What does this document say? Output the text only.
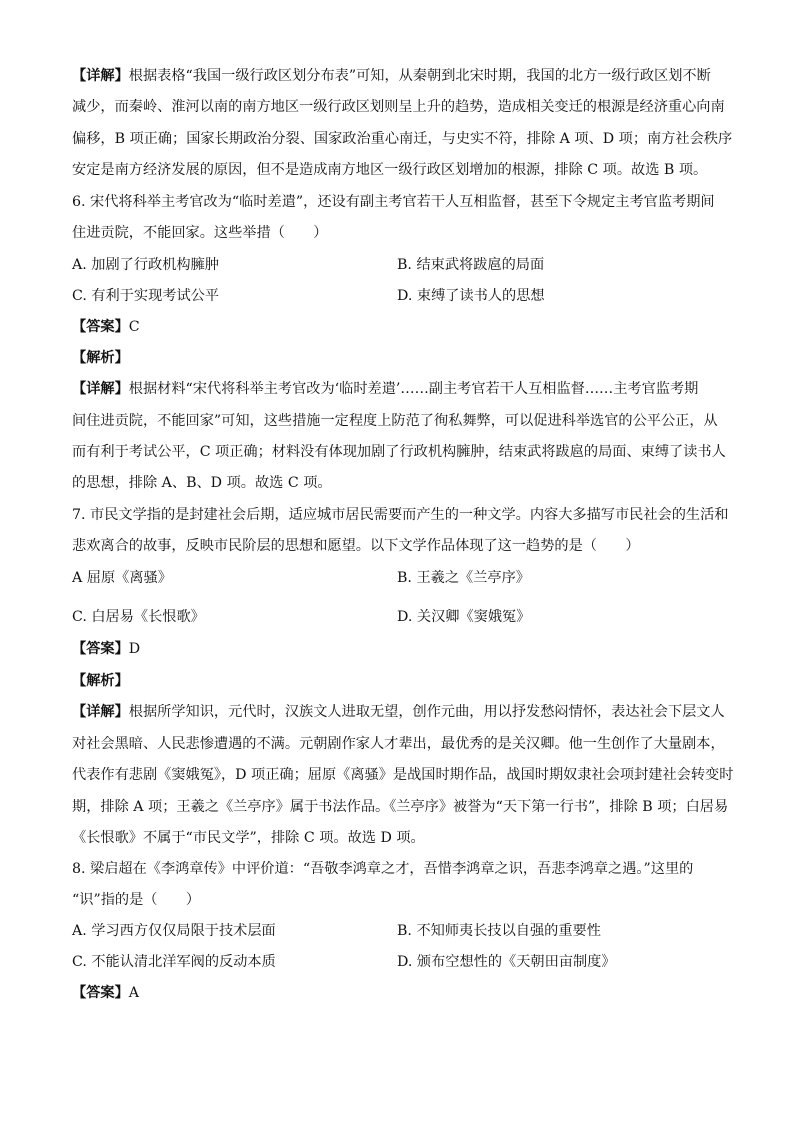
【详解】根据表格“我国一级行政区划分布表”可知，从秦朝到北宋时期，我国的北方一级行政区划不断
减少，而秦岭、淮河以南的南方地区一级行政区划则呈上升的趋势，造成相关变迁的根源是经济重心向南
偏移，B 项正确；国家长期政治分裂、国家政治重心南迁，与史实不符，排除 A 项、D 项；南方社会秩序
安定是南方经济发展的原因，但不是造成南方地区一级行政区划增加的根源，排除 C 项。故选 B 项。
6. 宋代将科举主考官改为“临时差遣”，还设有副主考官若干人互相监督，甚至下令规定主考官监考期间
住进贡院，不能回家。这些举措（　　）
A. 加剧了行政机构臃肿	B. 结束武将跋扈的局面
C. 有利于实现考试公平	D. 束缚了读书人的思想
【答案】C
【解析】
【详解】根据材料“宋代将科举主考官改为‘临时差遣’……副主考官若干人互相监督……主考官监考期
间住进贡院，不能回家”可知，这些措施一定程度上防范了徇私舞弊，可以促进科举选官的公平公正，从
而有利于考试公平，C 项正确；材料没有体现加剧了行政机构臃肿，结束武将跋扈的局面、束缚了读书人
的思想，排除 A、B、D 项。故选 C 项。
7. 市民文学指的是封建社会后期，适应城市居民需要而产生的一种文学。内容大多描写市民社会的生活和
悲欢离合的故事，反映市民阶层的思想和愿望。以下文学作品体现了这一趋势的是（　　）
A 屈原《离骚》	B. 王羲之《兰亭序》
C. 白居易《长恨歌》	D. 关汉卿《窦娥冤》
【答案】D
【解析】
【详解】根据所学知识，元代时，汉族文人进取无望，创作元曲，用以抒发愁闷情怀，表达社会下层文人
对社会黑暗、人民悲惨遭遇的不满。元朝剧作家人才辈出，最优秀的是关汉卿。他一生创作了大量剧本，
代表作有悲剧《窦娥冤》，D 项正确；屈原《离骚》是战国时期作品，战国时期奴隶社会项封建社会转变时
期，排除 A 项；王羲之《兰亭序》属于书法作品。《兰亭序》被誉为“天下第一行书”，排除 B 项；白居易
《长恨歌》不属于“市民文学”，排除 C 项。故选 D 项。
8. 梁启超在《李鸿章传》中评价道：“吾敬李鸿章之才，吾惜李鸿章之识，吾悲李鸿章之遇。”这里的
“识”指的是（　　）
A. 学习西方仅仅局限于技术层面	B. 不知师夷长技以自强的重要性
C. 不能认清北洋军阀的反动本质	D. 颁布空想性的《天朝田亩制度》
【答案】A
